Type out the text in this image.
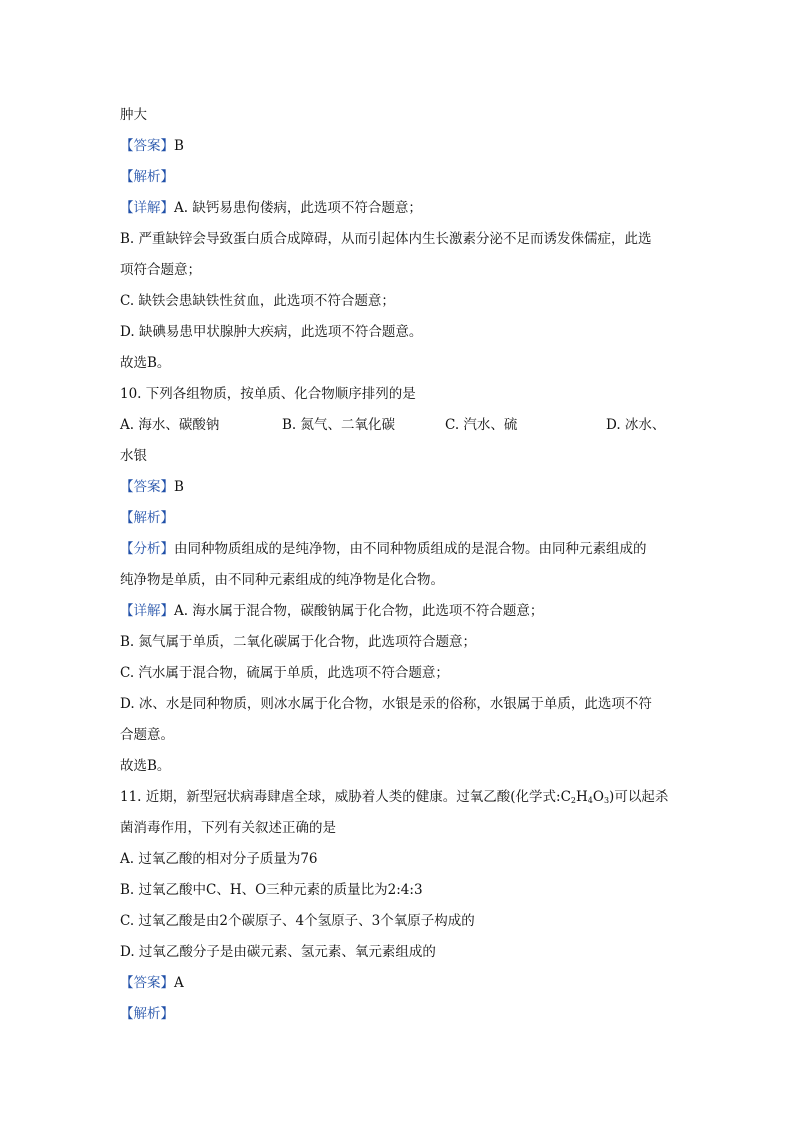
肿大
【答案】B
【解析】
【详解】A. 缺钙易患佝偻病，此选项不符合题意；
B. 严重缺锌会导致蛋白质合成障碍，从而引起体内生长激素分泌不足而诱发侏儒症，此选
项符合题意；
C. 缺铁会患缺铁性贫血，此选项不符合题意；
D. 缺碘易患甲状腺肿大疾病，此选项不符合题意。
故选B。
10. 下列各组物质，按单质、化合物顺序排列的是
A. 海水、碳酸钠	B. 氮气、二氧化碳	C. 汽水、硫	D. 冰水、
水银
【答案】B
【解析】
【分析】由同种物质组成的是纯净物，由不同种物质组成的是混合物。由同种元素组成的
纯净物是单质，由不同种元素组成的纯净物是化合物。
【详解】A. 海水属于混合物，碳酸钠属于化合物，此选项不符合题意；
B. 氮气属于单质，二氧化碳属于化合物，此选项符合题意；
C. 汽水属于混合物，硫属于单质，此选项不符合题意；
D. 冰、水是同种物质，则冰水属于化合物，水银是汞的俗称，水银属于单质，此选项不符
合题意。
故选B。
11. 近期，新型冠状病毒肆虐全球，威胁着人类的健康。过氧乙酸(化学式$:C_2H_4O_3$)可以起杀
菌消毒作用，下列有关叙述正确的是
A. 过氧乙酸的相对分子质量为76
B. 过氧乙酸中C、H、O三种元素的质量比为2:4:3
C. 过氧乙酸是由2个碳原子、4个氢原子、3个氧原子构成的
D. 过氧乙酸分子是由碳元素、氢元素、氧元素组成的
【答案】A
【解析】
